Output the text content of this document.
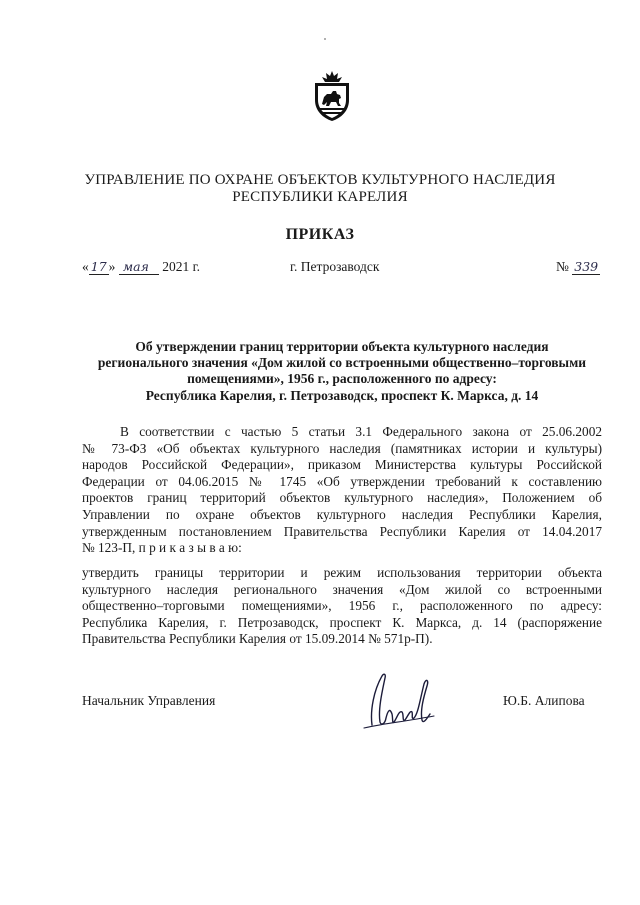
УПРАВЛЕНИЕ ПО ОХРАНЕ ОБЪЕКТОВ КУЛЬТУРНОГО НАСЛЕДИЯ
РЕСПУБЛИКИ КАРЕЛИЯ
ПРИКАЗ
« 17 » мая 2021 г.	г. Петрозаводск	№ 339
Об утверждении границ территории объекта культурного наследия
регионального значения «Дом жилой со встроенными общественно–торговыми
помещениями», 1956 г., расположенного по адресу:
Республика Карелия, г. Петрозаводск, проспект К. Маркса, д. 14
В соответствии с частью 5 статьи 3.1 Федерального закона от 25.06.2002
№ 73-ФЗ «Об объектах культурного наследия (памятниках истории и культуры)
народов Российской Федерации», приказом Министерства культуры Российской
Федерации от 04.06.2015 № 1745 «Об утверждении требований к составлению
проектов границ территорий объектов культурного наследия», Положением об
Управлении по охране объектов культурного наследия Республики Карелия,
утвержденным постановлением Правительства Республики Карелия от 14.04.2017
№ 123-П, п р и к а з ы в а ю:
утвердить границы территории и режим использования территории объекта
культурного наследия регионального значения «Дом жилой со встроенными
общественно–торговыми помещениями», 1956 г., расположенного по адресу:
Республика Карелия, г. Петрозаводск, проспект К. Маркса, д. 14 (распоряжение
Правительства Республики Карелия от 15.09.2014 № 571р-П).
Начальник Управления	Ю.Б. Алипова
